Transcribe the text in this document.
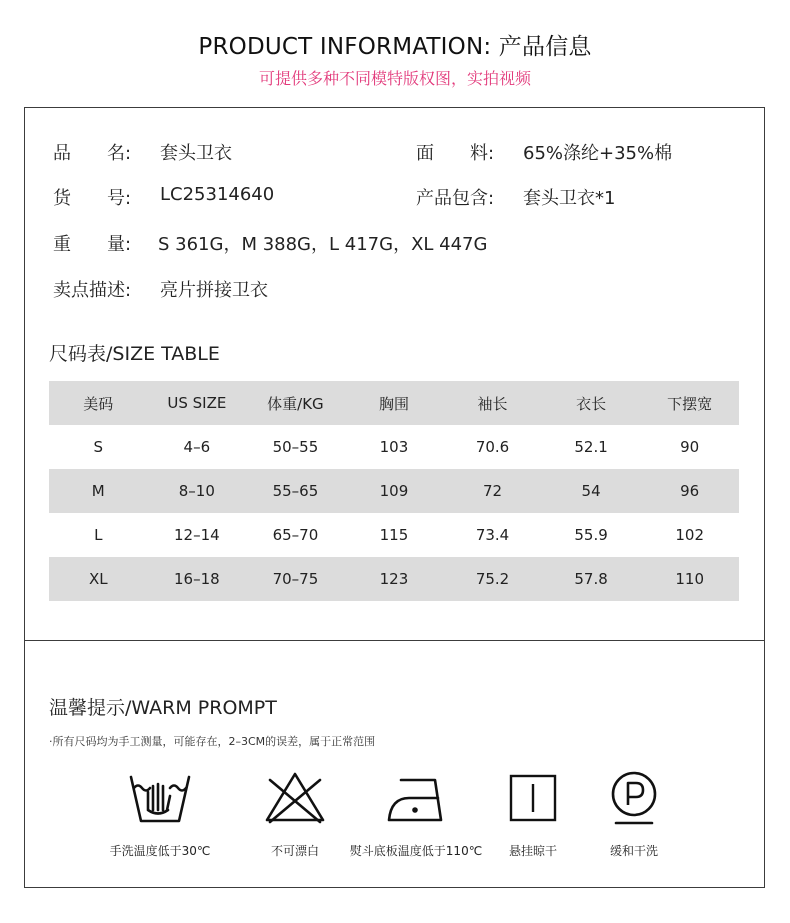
PRODUCT INFORMATION: 产品信息
可提供多种不同模特版权图，实拍视频
品　　名: 套头卫衣	面　　料: 65%涤纶+35%棉
货　　号: LC25314640	产品包含: 套头卫衣*1
重　　量: S 361G，M 388G，L 417G，XL 447G
卖点描述: 亮片拼接卫衣
尺码表/SIZE TABLE
美码	US SIZE	体重/KG	胸围	袖长	衣长	下摆宽
S	4–6	50–55	103	70.6	52.1	90
M	8–10	55–65	109	72	54	96
L	12–14	65–70	115	73.4	55.9	102
XL	16–18	70–75	123	75.2	57.8	110
温馨提示/WARM PROMPT
·所有尺码均为手工测量，可能存在，2–3CM的误差，属于正常范围
手洗温度低于30℃	不可漂白	熨斗底板温度低于110℃	悬挂晾干	缓和干洗
